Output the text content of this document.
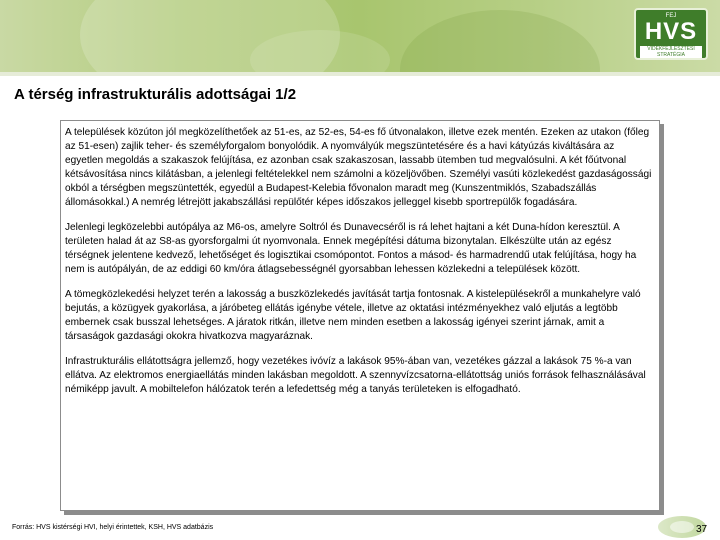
FEJ
HVS
VIDÉKFEJLESZTÉSI STRATÉGIA
A térség infrastrukturális adottságai 1/2

A települések közúton jól megközelíthetőek az 51-es, az 52-es, 54-es fő útvonalakon, illetve ezek mentén. Ezeken az utakon (főleg az 51-esen) zajlik teher- és személyforgalom bonyolódik. A nyomvályúk megszüntetésére és a havi kátyúzás kiváltására az egyetlen megoldás a szakaszok felújítása, ez azonban csak szakaszosan, lassabb ütemben tud megvalósulni. A két főútvonal kétsávosítása nincs kilátásban, a jelenlegi feltételekkel nem számolni a közeljövőben. Személyi vasúti közlekedést gazdaságossági okból a térségben megszüntették, egyedül a Budapest-Kelebia fővonalon maradt meg (Kunszentmiklós, Szabadszállás állomásokkal.) A nemrég létrejött jakabszállási repülőtér képes időszakos jelleggel kisebb sportrepülők fogadására.

Jelenlegi legközelebbi autópálya az M6-os, amelyre Soltról és Dunavecséről is rá lehet hajtani a két Duna-hídon keresztül. A területen halad át az S8-as gyorsforgalmi út nyomvonala. Ennek megépítési dátuma bizonytalan. Elkészülte után az egész térségnek jelentene kedvező, lehetőséget és logisztikai csomópontot. Fontos a másod- és harmadrendű utak felújítása, hogy ha nem is autópályán, de az eddigi 60 km/óra átlagsebességnél gyorsabban lehessen közlekedni a települések között.

A tömegközlekedési helyzet terén a lakosság a buszközlekedés javítását tartja fontosnak. A kistelepülésekről a munkahelyre való bejutás, a közügyek gyakorlása, a járóbeteg ellátás igénybe vétele, illetve az oktatási intézményekhez való eljutás a legtöbb embernek csak busszal lehetséges. A járatok ritkán, illetve nem minden esetben a lakosság igényei szerint járnak, amit a társaságok gazdasági okokra hivatkozva magyaráznak.

Infrastrukturális ellátottságra jellemző, hogy vezetékes ivóvíz a lakások 95%-ában van, vezetékes gázzal a lakások 75 %-a van ellátva. Az elektromos energiaellátás minden lakásban megoldott. A szennyvízcsatorna-ellátottság uniós források felhasználásával némiképp javult. A mobiltelefon hálózatok terén a lefedettség még a tanyás területeken is elfogadható.

Forrás: HVS kistérségi HVI, helyi érintettek, KSH, HVS adatbázis	37
